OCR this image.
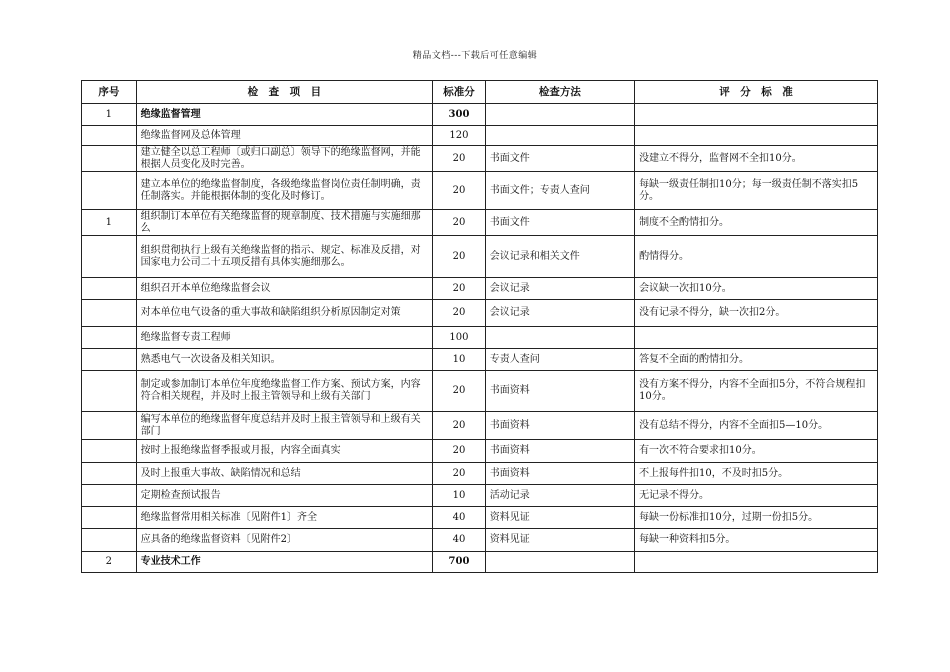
精品文档---下载后可任意编辑
序号	检　查　项　目	标准分	检查方法	评　分　标　准
1	绝缘监督管理	300		
	绝缘监督网及总体管理	120		
	建立健全以总工程师〔或归口副总〕领导下的绝缘监督网，并能根据人员变化及时完善。	20	书面文件	没建立不得分，监督网不全扣10分。
	建立本单位的绝缘监督制度，各级绝缘监督岗位责任制明确，责任制落实。并能根据体制的变化及时修订。	20	书面文件；专责人查问	每缺一级责任制扣10分；每一级责任制不落实扣5分。
1	组织制订本单位有关绝缘监督的规章制度、技术措施与实施细那么	20	书面文件	制度不全酌情扣分。
	组织贯彻执行上级有关绝缘监督的指示、规定、标准及反措，对国家电力公司二十五项反措有具体实施细那么。	20	会议记录和相关文件	酌情得分。
	组织召开本单位绝缘监督会议	20	会议记录	会议缺一次扣10分。
	对本单位电气设备的重大事故和缺陷组织分析原因制定对策	20	会议记录	没有记录不得分，缺一次扣2分。
	绝缘监督专责工程师	100		
	熟悉电气一次设备及相关知识。	10	专责人查问	答复不全面的酌情扣分。
	制定或参加制订本单位年度绝缘监督工作方案、预试方案，内容符合相关规程，并及时上报主管领导和上级有关部门	20	书面资料	没有方案不得分，内容不全面扣5分，不符合规程扣10分。
	编写本单位的绝缘监督年度总结并及时上报主管领导和上级有关部门	20	书面资料	没有总结不得分，内容不全面扣5—10分。
	按时上报绝缘监督季报或月报，内容全面真实	20	书面资料	有一次不符合要求扣10分。
	及时上报重大事故、缺陷情况和总结	20	书面资料	不上报每件扣10，不及时扣5分。
	定期检查预试报告	10	活动记录	无记录不得分。
	绝缘监督常用相关标准〔见附件1〕齐全	40	资料见证	每缺一份标准扣10分，过期一份扣5分。
	应具备的绝缘监督资料〔见附件2〕	40	资料见证	每缺一种资料扣5分。
2	专业技术工作	700		
